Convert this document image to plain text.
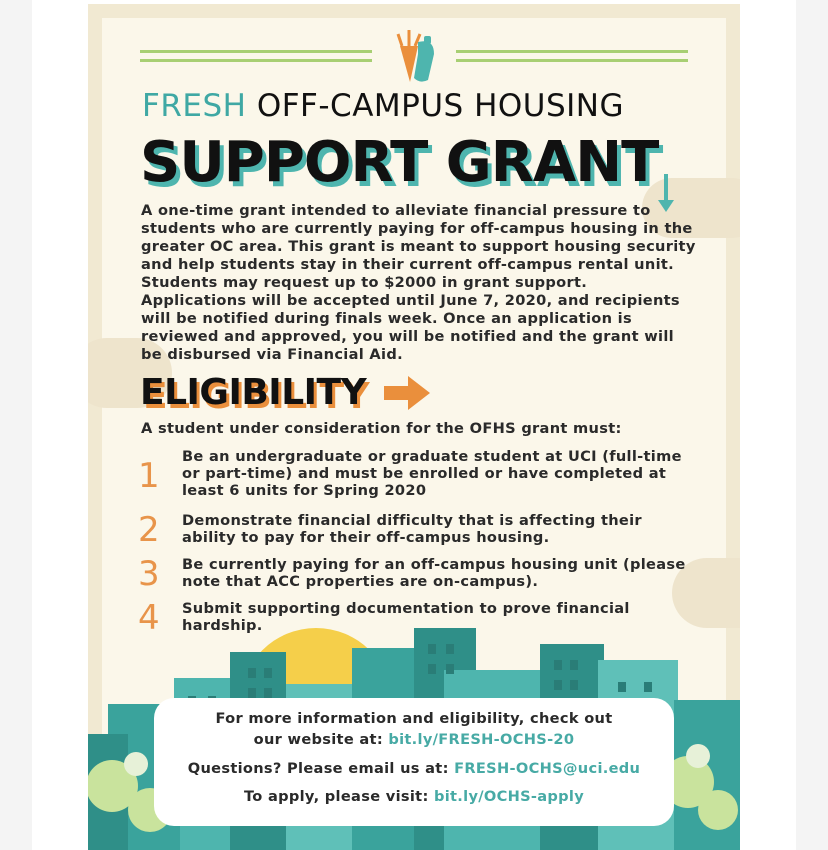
FRESH OFF-CAMPUS HOUSING
SUPPORT GRANT
A one-time grant intended to alleviate financial pressure to students who are currently paying for off-campus housing in the greater OC area. This grant is meant to support housing security and help students stay in their current off-campus rental unit. Students may request up to $2000 in grant support. Applications will be accepted until June 7, 2020, and recipients will be notified during finals week. Once an application is reviewed and approved, you will be notified and the grant will be disbursed via Financial Aid.
ELIGIBILITY
A student under consideration for the OFHS grant must:
1	Be an undergraduate or graduate student at UCI (full-time or part-time) and must be enrolled or have completed at least 6 units for Spring 2020
2	Demonstrate financial difficulty that is affecting their ability to pay for their off-campus housing.
3	Be currently paying for an off-campus housing unit (please note that ACC properties are on-campus).
4	Submit supporting documentation to prove financial hardship.
For more information and eligibility, check out
our website at: bit.ly/FRESH-OCHS-20
Questions? Please email us at: FRESH-OCHS@uci.edu
To apply, please visit: bit.ly/OCHS-apply
